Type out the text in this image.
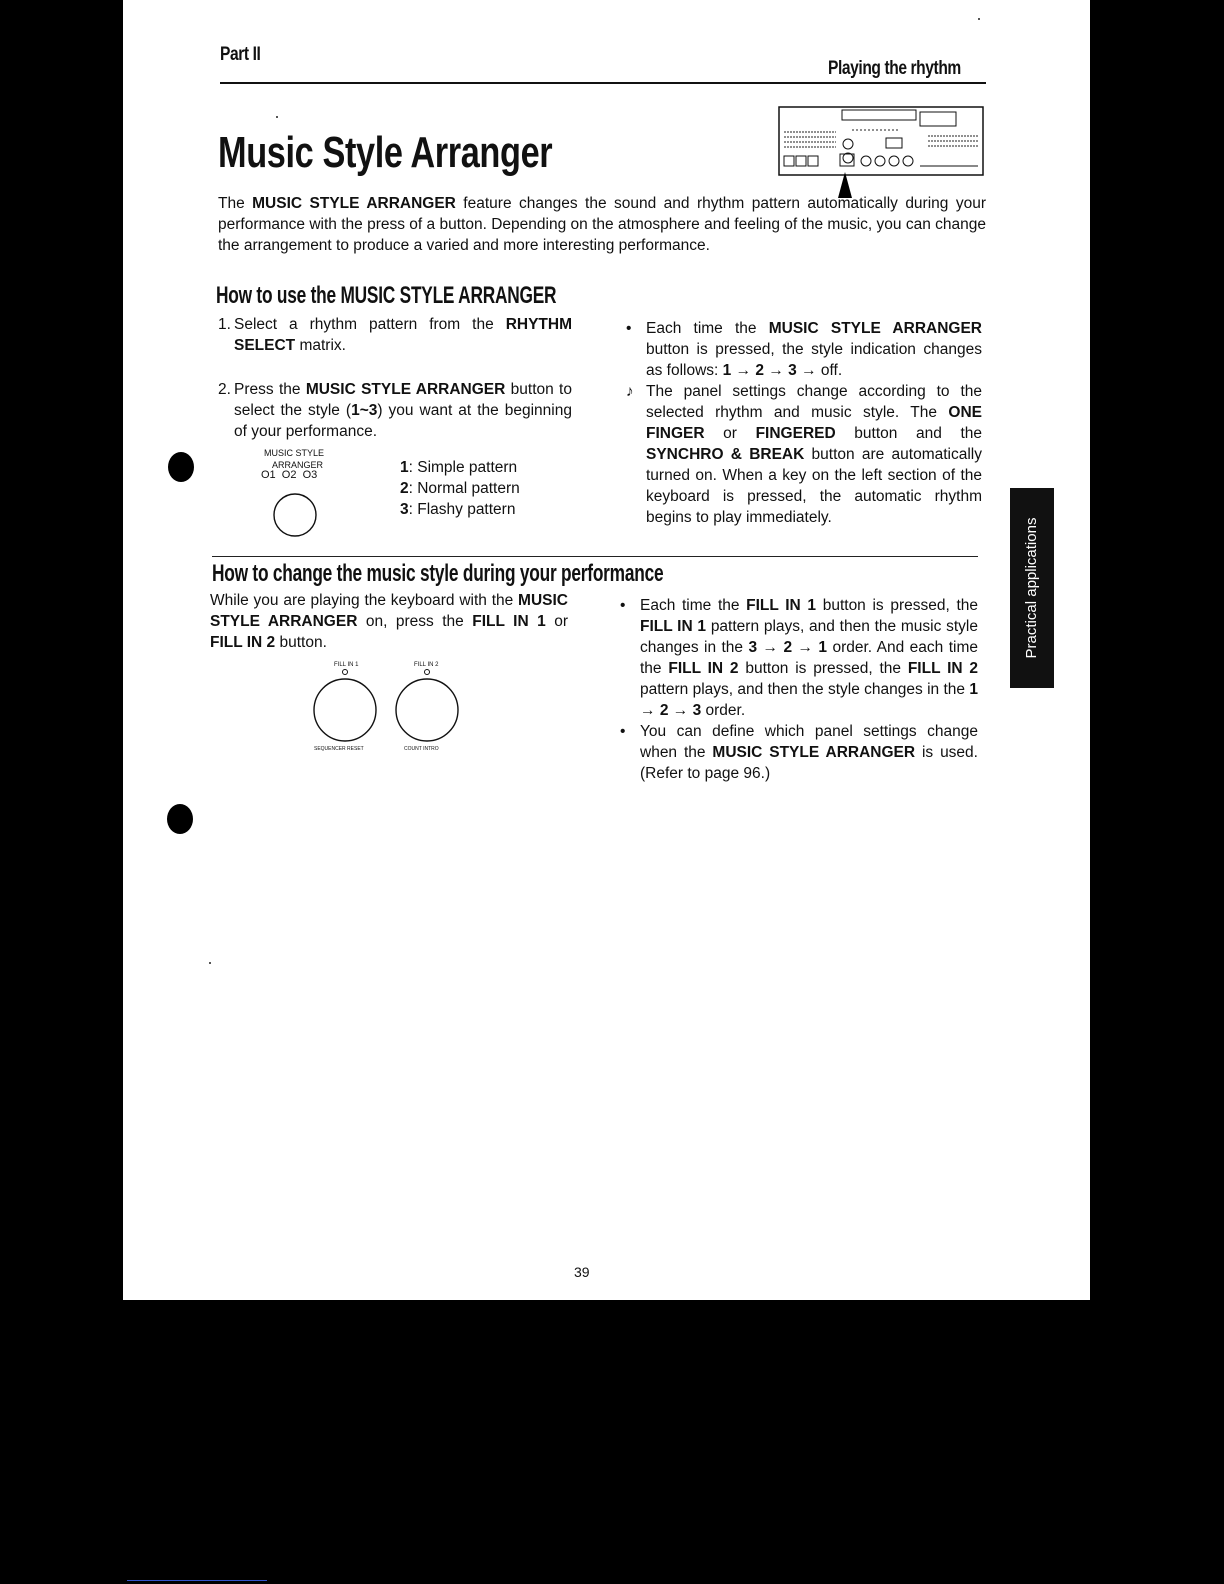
Part II
Playing the rhythm
Music Style Arranger

The MUSIC STYLE ARRANGER feature changes the sound and rhythm pattern automatically during your performance with the press of a button. Depending on the atmosphere and feeling of the music, you can change the arrangement to produce a varied and more interesting performance.

How to use the MUSIC STYLE ARRANGER
1. Select a rhythm pattern from the RHYTHM SELECT matrix.
2. Press the MUSIC STYLE ARRANGER button to select the style (1~3) you want at the beginning of your performance.
MUSIC STYLE
ARRANGER
O1  O2  O3	1: Simple pattern
2: Normal pattern
3: Flashy pattern
• Each time the MUSIC STYLE ARRANGER button is pressed, the style indication changes as follows: 1 → 2 → 3 → off.
♪ The panel settings change according to the selected rhythm and music style. The ONE FINGER or FINGERED button and the SYNCHRO & BREAK button are automatically turned on. When a key on the left section of the keyboard is pressed, the automatic rhythm begins to play immediately.
How to change the music style during your performance

While you are playing the keyboard with the MUSIC STYLE ARRANGER on, press the FILL IN 1 or FILL IN 2 button.

FILL IN 1	FILL IN 2
SEQUENCER RESET	COUNT INTRO
• Each time the FILL IN 1 button is pressed, the FILL IN 1 pattern plays, and then the music style changes in the 3 → 2 → 1 order. And each time the FILL IN 2 button is pressed, the FILL IN 2 pattern plays, and then the style changes in the 1 → 2 → 3 order.
• You can define which panel settings change when the MUSIC STYLE ARRANGER is used. (Refer to page 96.)
39
Practical applications
